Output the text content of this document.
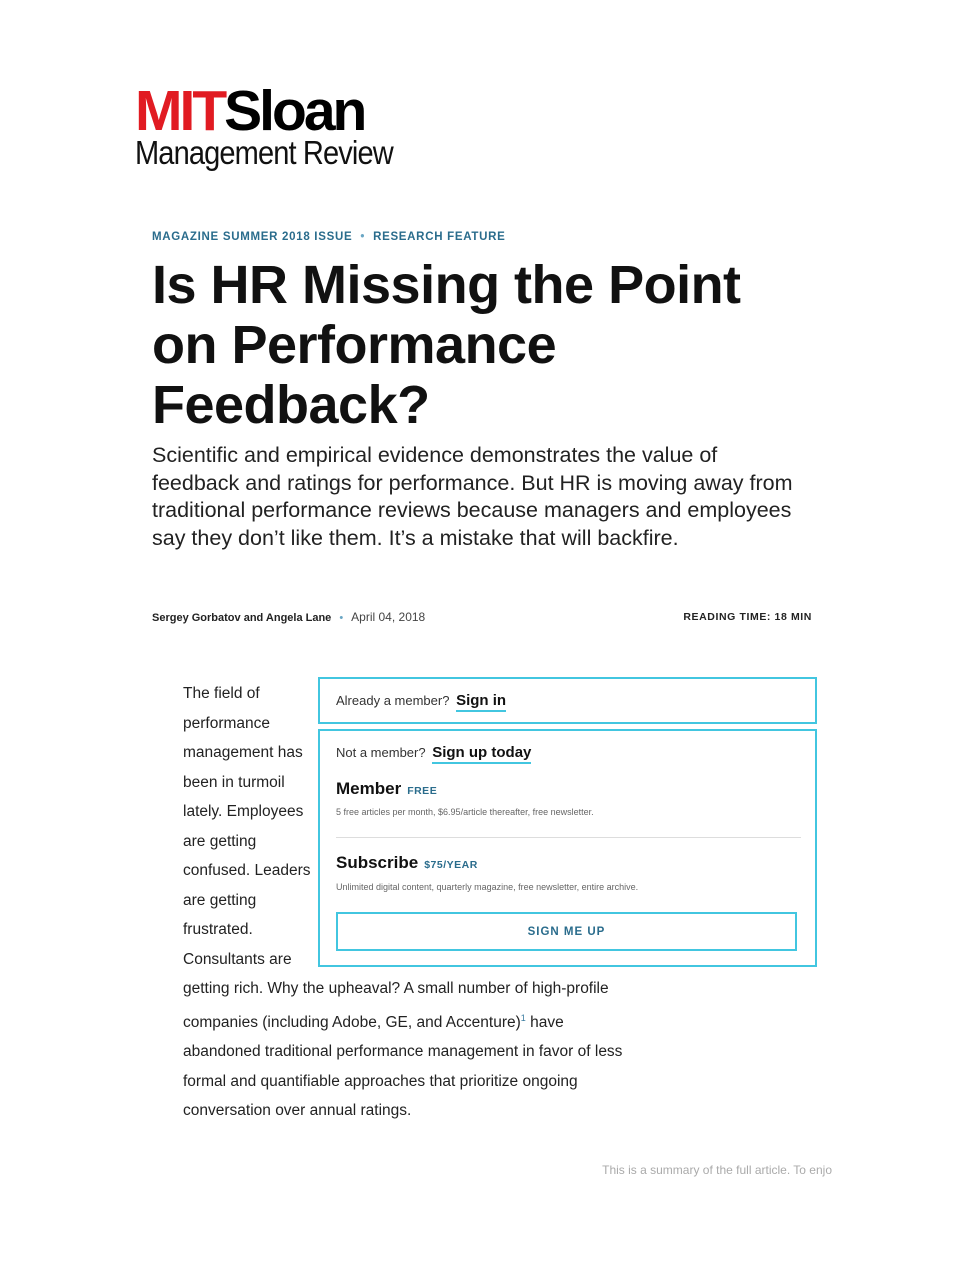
MITSloan
Management Review
MAGAZINE SUMMER 2018 ISSUE • RESEARCH FEATURE
Is HR Missing the Point on Performance Feedback?

Scientific and empirical evidence demonstrates the value of feedback and ratings for performance. But HR is moving away from traditional performance reviews because managers and employees say they don’t like them. It’s a mistake that will backfire.

Sergey Gorbatov and Angela Lane • April 04, 2018	READING TIME: 18 MIN
The field of performance management has been in turmoil lately. Employees are getting confused. Leaders are getting frustrated. Consultants are
getting rich. Why the upheaval? A small number of high-profile companies (including Adobe, GE, and Accenture)$^1$ have abandoned traditional performance management in favor of less formal and quantifiable approaches that prioritize ongoing conversation over annual ratings.
Already a member? Sign in
Not a member? Sign up today
Member FREE
5 free articles per month, $6.95/article thereafter, free newsletter.
Subscribe $75/YEAR
Unlimited digital content, quarterly magazine, free newsletter, entire archive.
SIGN ME UP
This is a summary of the full article. To enjo
